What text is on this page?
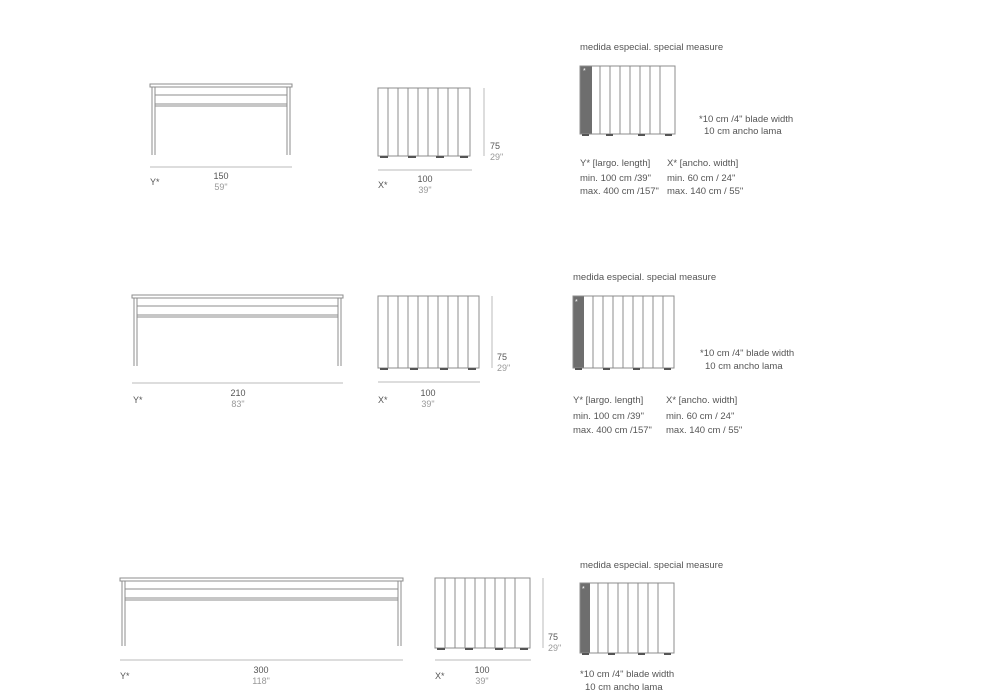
Y*
150
59"	X*
100
39"
75
29"
medida especial. special measure
*
*10 cm /4" blade width
10 cm ancho lama
Y* [largo. length]
min. 100 cm /39"
max. 400 cm /157"
X* [ancho. width]
min. 60 cm / 24"
max. 140 cm / 55"
Y*
210
83"	X*
100
39"
75
29"
medida especial. special measure
*
*10 cm /4" blade width
10 cm ancho lama
Y* [largo. length]
min. 100 cm /39"
max. 400 cm /157"
X* [ancho. width]
min. 60 cm / 24"
max. 140 cm / 55"
Y*
300
118"	X*
100
39"
75
29"
medida especial. special measure
*
*10 cm /4" blade width
10 cm ancho lama
